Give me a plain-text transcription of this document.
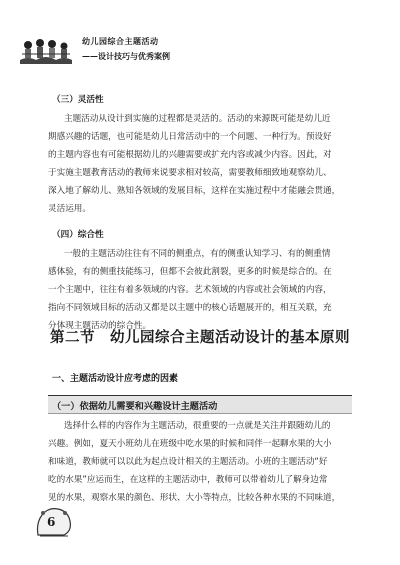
幼儿园综合主题活动
——设计技巧与优秀案例
（三）灵活性
主题活动从设计到实施的过程都是灵活的。活动的来源既可能是幼儿近
期感兴趣的话题，也可能是幼儿日常活动中的一个问题、一种行为。预设好
的主题内容也有可能根据幼儿的兴趣需要或扩充内容或减少内容。因此，对
于实施主题教育活动的教师来说要求相对较高，需要教师细致地观察幼儿、
深入地了解幼儿、熟知各领域的发展目标，这样在实施过程中才能融会贯通，
灵活运用。
（四）综合性
一般的主题活动往往有不同的侧重点，有的侧重认知学习、有的侧重情
感体验，有的侧重技能练习，但都不会彼此割裂，更多的时候是综合的。在
一个主题中，往往有着多领域的内容。艺术领域的内容或社会领域的内容，
指向不同领域目标的活动又都是以主题中的核心话题展开的，相互关联，充
第二节　幼儿园综合主题活动设计的基本原则
一、主题活动设计应考虑的因素
（一）依据幼儿需要和兴趣设计主题活动
选择什么样的内容作为主题活动，很重要的一点就是关注并跟随幼儿的
兴趣。例如，夏天小班幼儿在班级中吃水果的时候和同伴一起聊水果的大小
和味道，教师就可以以此为起点设计相关的主题活动。小班的主题活动“好
吃的水果”应运而生，在这样的主题活动中，教师可以带着幼儿了解身边常
见的水果，观察水果的颜色、形状、大小等特点，比较各种水果的不同味道，
6
分体现主题活动的综合性。
